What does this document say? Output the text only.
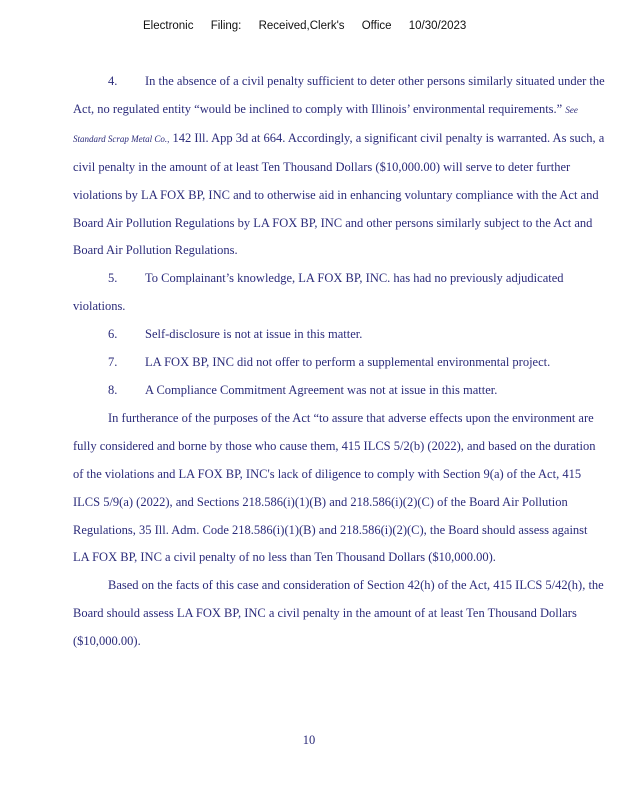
Electronic Filing: Received,Clerk's Office 10/30/2023

4. In the absence of a civil penalty sufficient to deter other persons similarly situated under the Act, no regulated entity “would be inclined to comply with Illinois’ environmental requirements.” See Standard Scrap Metal Co., 142 Ill. App 3d at 664. Accordingly, a significant civil penalty is warranted. As such, a civil penalty in the amount of at least Ten Thousand Dollars ($10,000.00) will serve to deter further violations by LA FOX BP, INC and to otherwise aid in enhancing voluntary compliance with the Act and Board Air Pollution Regulations by LA FOX BP, INC and other persons similarly subject to the Act and Board Air Pollution Regulations.

5. To Complainant’s knowledge, LA FOX BP, INC. has had no previously adjudicated violations.

6. Self-disclosure is not at issue in this matter.

7. LA FOX BP, INC did not offer to perform a supplemental environmental project.

8. A Compliance Commitment Agreement was not at issue in this matter.

In furtherance of the purposes of the Act “to assure that adverse effects upon the environment are fully considered and borne by those who cause them, 415 ILCS 5/2(b) (2022), and based on the duration of the violations and LA FOX BP, INC's lack of diligence to comply with Section 9(a) of the Act, 415 ILCS 5/9(a) (2022), and Sections 218.586(i)(1)(B) and 218.586(i)(2)(C) of the Board Air Pollution Regulations, 35 Ill. Adm. Code 218.586(i)(1)(B) and 218.586(i)(2)(C), the Board should assess against LA FOX BP, INC a civil penalty of no less than Ten Thousand Dollars ($10,000.00).

Based on the facts of this case and consideration of Section 42(h) of the Act, 415 ILCS 5/42(h), the Board should assess LA FOX BP, INC a civil penalty in the amount of at least Ten Thousand Dollars ($10,000.00).

10
